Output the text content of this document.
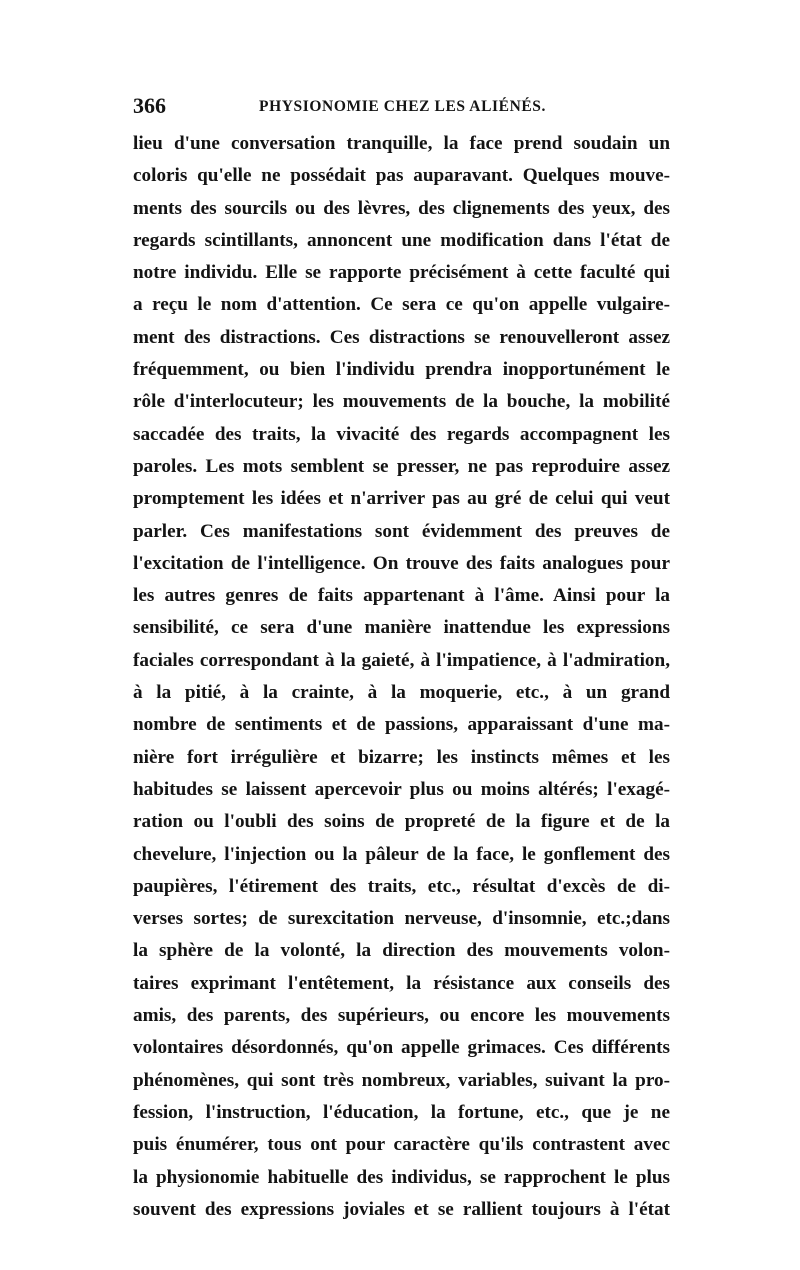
366	PHYSIONOMIE CHEZ LES ALIÉNÉS.
lieu d'une conversation tranquille, la face prend soudain un
coloris qu'elle ne possédait pas auparavant. Quelques mouve-
ments des sourcils ou des lèvres, des clignements des yeux, des
regards scintillants, annoncent une modification dans l'état de
notre individu. Elle se rapporte précisément à cette faculté qui
a reçu le nom d'attention. Ce sera ce qu'on appelle vulgaire-
ment des distractions. Ces distractions se renouvelleront assez
fréquemment, ou bien l'individu prendra inopportunément le
rôle d'interlocuteur; les mouvements de la bouche, la mobilité
saccadée des traits, la vivacité des regards accompagnent les
paroles. Les mots semblent se presser, ne pas reproduire assez
promptement les idées et n'arriver pas au gré de celui qui veut
parler. Ces manifestations sont évidemment des preuves de
l'excitation de l'intelligence. On trouve des faits analogues pour
les autres genres de faits appartenant à l'âme. Ainsi pour la
sensibilité, ce sera d'une manière inattendue les expressions
faciales correspondant à la gaieté, à l'impatience, à l'admiration,
à la pitié, à la crainte, à la moquerie, etc., à un grand
nombre de sentiments et de passions, apparaissant d'une ma-
nière fort irrégulière et bizarre; les instincts mêmes et les
habitudes se laissent apercevoir plus ou moins altérés; l'exagé-
ration ou l'oubli des soins de propreté de la figure et de la
chevelure, l'injection ou la pâleur de la face, le gonflement des
paupières, l'étirement des traits, etc., résultat d'excès de di-
verses sortes; de surexcitation nerveuse, d'insomnie, etc.;dans
la sphère de la volonté, la direction des mouvements volon-
taires exprimant l'entêtement, la résistance aux conseils des
amis, des parents, des supérieurs, ou encore les mouvements
volontaires désordonnés, qu'on appelle grimaces. Ces différents
phénomènes, qui sont très nombreux, variables, suivant la pro-
fession, l'instruction, l'éducation, la fortune, etc., que je ne
puis énumérer, tous ont pour caractère qu'ils contrastent avec
la physionomie habituelle des individus, se rapprochent le plus
souvent des expressions joviales et se rallient toujours à l'état
